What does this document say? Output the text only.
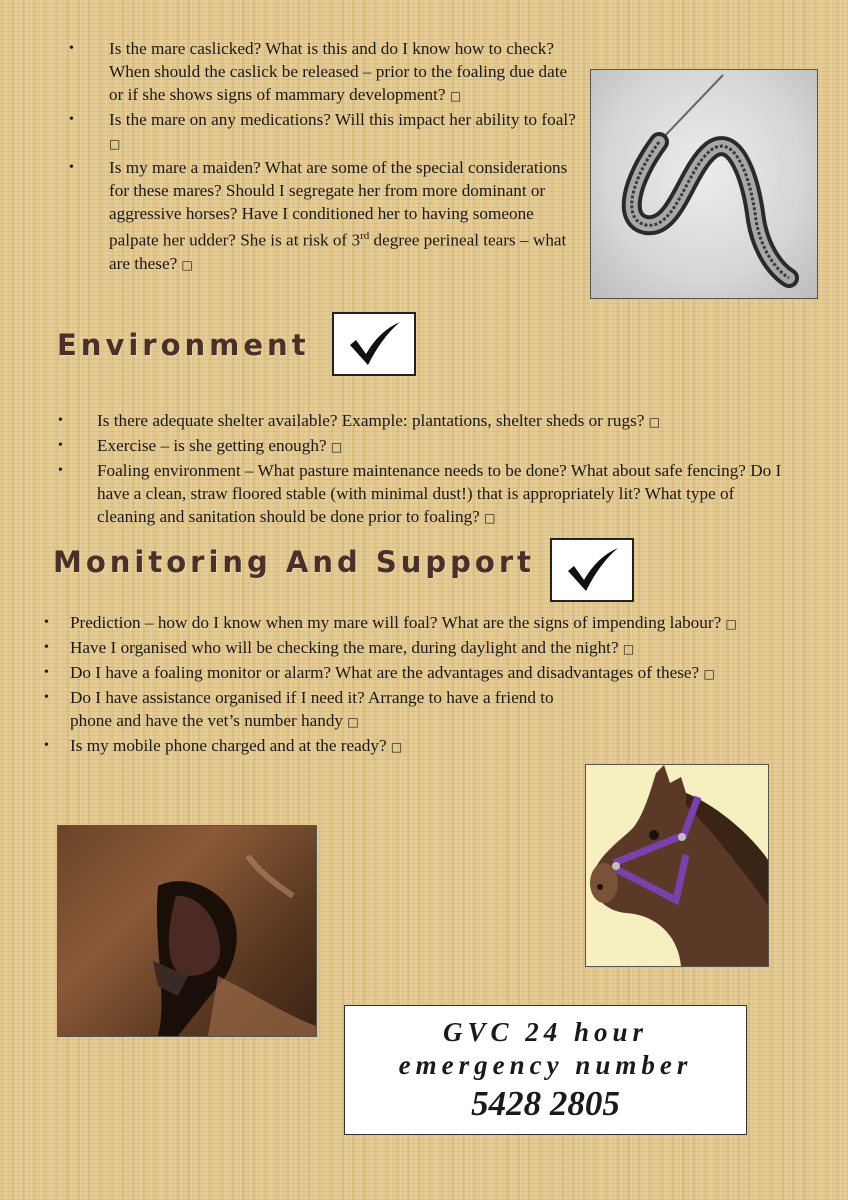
• Is the mare caslicked? What is this and do I know how to check? When should the caslick be released – prior to the foaling due date or if she shows signs of mammary development? □
• Is the mare on any medications? Will this impact her ability to foal? □
• Is my mare a maiden? What are some of the special considerations for these mares? Should I segregate her from more dominant or aggressive horses? Have I conditioned her to having someone palpate her udder? She is at risk of 3rd degree perineal tears – what are these? □
Environment
• Is there adequate shelter available? Example: plantations, shelter sheds or rugs? □
• Exercise – is she getting enough? □
• Foaling environment – What pasture maintenance needs to be done? What about safe fencing? Do I have a clean, straw floored stable (with minimal dust!) that is appropriately lit? What type of cleaning and sanitation should be done prior to foaling? □
Monitoring And Support
• Prediction – how do I know when my mare will foal? What are the signs of impending labour? □
• Have I organised who will be checking the mare, during daylight and the night? □
• Do I have a foaling monitor or alarm? What are the advantages and disadvantages of these? □
• Do I have assistance organised if I need it? Arrange to have a friend to phone and have the vet’s number handy □
• Is my mobile phone charged and at the ready? □
GVC 24 hour
emergency number
5428 2805
